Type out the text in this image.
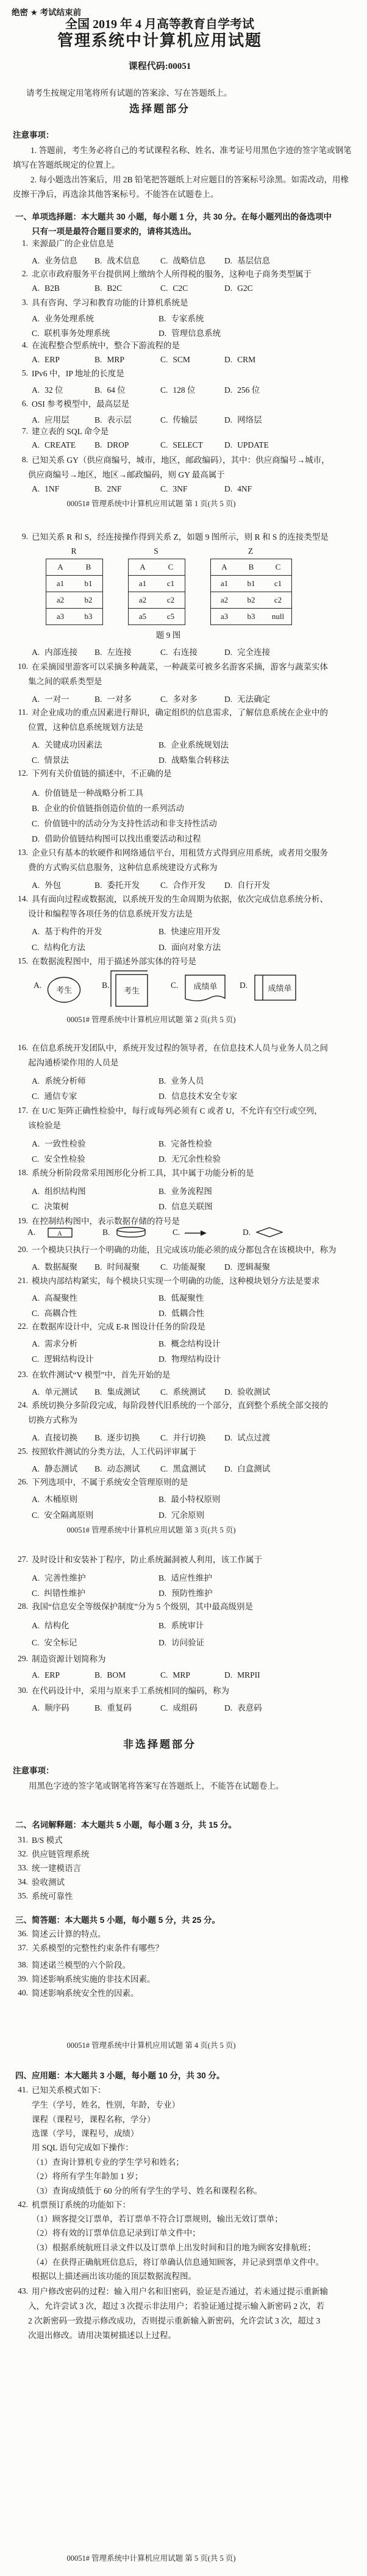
绝密 ★ 考试结束前
全国 2019 年 4 月高等教育自学考试
管理系统中计算机应用试题
课程代码:00051
请考生按规定用笔将所有试题的答案涂、写在答题纸上。
选择题部分
注意事项：
1. 答题前，考生务必将自己的考试课程名称、姓名、准考证号用黑色字迹的签字笔或钢笔
填写在答题纸规定的位置上。
2. 每小题选出答案后，用 2B 铅笔把答题纸上对应题目的答案标号涂黑。如需改动，用橡
皮擦干净后，再选涂其他答案标号。不能答在试题卷上。
一、单项选择题：本大题共 30 小题，每小题 1 分，共 30 分。在每小题列出的备选项中
只有一项是最符合题目要求的，请将其选出。
1. 来源最广的企业信息是
A. 业务信息 B. 战术信息 C. 战略信息 D. 基层信息
2. 北京市政府服务平台提供网上缴纳个人所得税的服务，这种电子商务类型属于
A. B2B	B. B2C	C. C2C	D. G2C
3. 具有咨询、学习和教育功能的计算机系统是
A. 业务处理系统	B. 专家系统
C. 联机事务处理系统	D. 管理信息系统
4. 在流程整合型系统中，整合下游流程的是
A. ERP	B. MRP	C. SCM	D. CRM
5. IPv6 中，IP 地址的长度是
A. 32 位	B. 64 位	C. 128 位	D. 256 位
6. OSI 参考模型中，最高层是
A. 应用层	B. 表示层	C. 传输层	D. 网络层
7. 建立表的 SQL 命令是
A. CREATE B. DROP	C. SELECT	D. UPDATE
8. 已知关系 GY（供应商编号，城市，地区，邮政编码），其中：供应商编号→城市，
供应商编号→地区，地区→邮政编码，则 GY 最高属于
A. 1NF	B. 2NF	C. 3NF	D. 4NF
00051# 管理系统中计算机应用试题 第 1 页(共 5 页)
9. 已知关系 R 和 S，经连接操作得到关系 Z，如题 9 图所示，则 R 和 S 的连接类型是
R
A	B
a1	b1
a2	b2
a3	b3
S
A	C
a1	c1
a2	c2
a5	c5
Z
A	B	C
a1	b1	c1
a2	b2	c2
a3	b3	null
题 9 图
A. 内部连接 B. 左连接	C. 右连接	D. 完全连接
10. 在采摘园里游客可以采摘多种蔬菜，一种蔬菜可被多名游客采摘，游客与蔬菜实体
集之间的联系类型是
A. 一对一	B. 一对多	C. 多对多	D. 无法确定
11. 对企业成功的重点因素进行辩识，确定组织的信息需求，了解信息系统在企业中的
位置，这种信息系统规划方法是
A. 关键成功因素法	B. 企业系统规划法
C. 情景法	D. 战略集合转移法
12. 下列有关价值链的描述中，不正确的是
A. 价值链是一种战略分析工具
B. 企业的价值链指创造价值的一系列活动
C. 价值链中的活动分为支持性活动和非支持性活动
D. 借助价值链结构图可以找出重要活动和过程
13. 企业只有基本的软硬件和网络通信平台，用租赁方式得到应用系统，或者用交服务
费的方式购买信息服务，这种信息系统建设方式称为
A. 外包	B. 委托开发 C. 合作开发 D. 自行开发
14. 具有面向过程或数据流，以系统开发的生命周期为依据，依次完成信息系统分析、
设计和编程等各项任务的信息系统开发方法是
A. 基于构件的开发	B. 快速应用开发
C. 结构化方法	D. 面向对象方法
15. 在数据流程图中，用于描述外部实体的符号是
A.
考生
B.
考生
C. 成绩单	D.	成绩单
00051# 管理系统中计算机应用试题 第 2 页(共 5 页)
16. 在信息系统开发团队中，系统开发过程的领导者，在信息技术人员与业务人员之间
起沟通桥梁作用的人员是
A. 系统分析师	B. 业务人员
C. 通信专家	D. 信息技术安全专家
17. 在 U/C 矩阵正确性检验中，每行或每列必须有 C 或者 U，不允许有空行或空列，
该检验是
A. 一致性检验	B. 完备性检验
C. 安全性检验	D. 无冗余性检验
18. 系统分析阶段常采用图形化分析工具，其中属于功能分析的是
A. 组织结构图	B. 业务流程图
C. 决策树	D. 信息关联图
19. 在控制结构图中，表示数据存储的符号是
A.	A	B.	C.	D.
20. 一个模块只执行一个明确的功能，且完成该功能必须的成分都包含在该模块中，称为
A. 数据凝聚 B. 时间凝聚 C. 功能凝聚 D. 逻辑凝聚
21. 模块内部结构紧实，每个模块只实现一个明确的功能，这种模块划分方法是要求
A. 高凝聚性	B. 低凝聚性
C. 高耦合性	D. 低耦合性
22. 在数据库设计中，完成 E-R 图设计任务的阶段是
A. 需求分析	B. 概念结构设计
C. 逻辑结构设计	D. 物理结构设计
23. 在软件测试“V 模型”中，首先开始的是
A. 单元测试 B. 集成测试 C. 系统测试 D. 验收测试
24. 系统切换分多阶段完成，每阶段替代旧系统的一个部分，直到整个系统全部交接的
切换方式称为
A. 直接切换 B. 逐步切换 C. 并行切换 D. 试点过渡
25. 按照软件测试的分类方法，人工代码评审属于
A. 静态测试 B. 动态测试 C. 黑盒测试 D. 白盒测试
26. 下列选项中，不属于系统安全管理原则的是
A. 木桶原则	B. 最小特权原则
C. 安全隔离原则	D. 冗余原则
00051# 管理系统中计算机应用试题 第 3 页(共 5 页)
27. 及时设计和安装补丁程序，防止系统漏洞被人利用，该工作属于
A. 完善性维护	B. 适应性维护
C. 纠错性维护	D. 预防性维护
28. 我国“信息安全等级保护制度”分为 5 个级别，其中最高级别是
A. 结构化	B. 系统审计
C. 安全标记	D. 访问验证
29. 制造资源计划简称为
A. ERP	B. BOM	C. MRP	D. MRPII
30. 在代码设计中，采用与原来手工系统相同的编码，称为
A. 顺序码	B. 重复码	C. 成组码	D. 表意码
非选择题部分
注意事项：
用黑色字迹的签字笔或钢笔将答案写在答题纸上，不能答在试题卷上。
二、名词解释题：本大题共 5 小题，每小题 3 分，共 15 分。
31. B/S 模式
32. 供应链管理系统
33. 统一建模语言
34. 验收测试
35. 系统可靠性
三、简答题：本大题共 5 小题，每小题 5 分，共 25 分。
36. 简述云计算的特点。
37. 关系模型的完整性约束条件有哪些？
38. 简述诺兰模型的六个阶段。
39. 简述影响系统实施的非技术因素。
40. 简述影响系统安全性的因素。
00051# 管理系统中计算机应用试题 第 4 页(共 5 页)
四、应用题：本大题共 3 小题，每小题 10 分，共 30 分。
41. 已知关系模式如下：
学生（学号，姓名，性别，年龄，专业）
课程（课程号，课程名称，学分）
选课（学号，课程号，成绩）
用 SQL 语句完成如下操作：
（1）查询计算机专业的学生学号和姓名；
（2）将所有学生年龄加 1 岁；
（3）查询成绩低于 60 分的所有学生的学号、姓名和课程名称。
42. 机票预订系统的功能如下：
（1）顾客提交订票单，若订票单不符合订票规则，输出无效订票单；
（2）将有效的订票单信息记录到订单文件中；
（3）根据系统航班目录文件以及订票单上出发时间和目的地为顾客安排航班；
（4）在获得正确航班信息后，将订单确认信息通知顾客，并记录到票单文件中。
根据以上描述画出该功能的顶层数据流程图。
43. 用户修改密码的过程：输入用户名和旧密码，验证是否通过，若未通过提示重新输
入，允许尝试 3 次，超过 3 次提示非法用户；若验证通过提示输入新密码 2 次，若
2 次新密码一致提示修改成功，否则提示重新输入新密码，允许尝试 3 次，超过 3
次退出修改。请用决策树描述以上过程。
00051# 管理系统中计算机应用试题 第 5 页(共 5 页)
